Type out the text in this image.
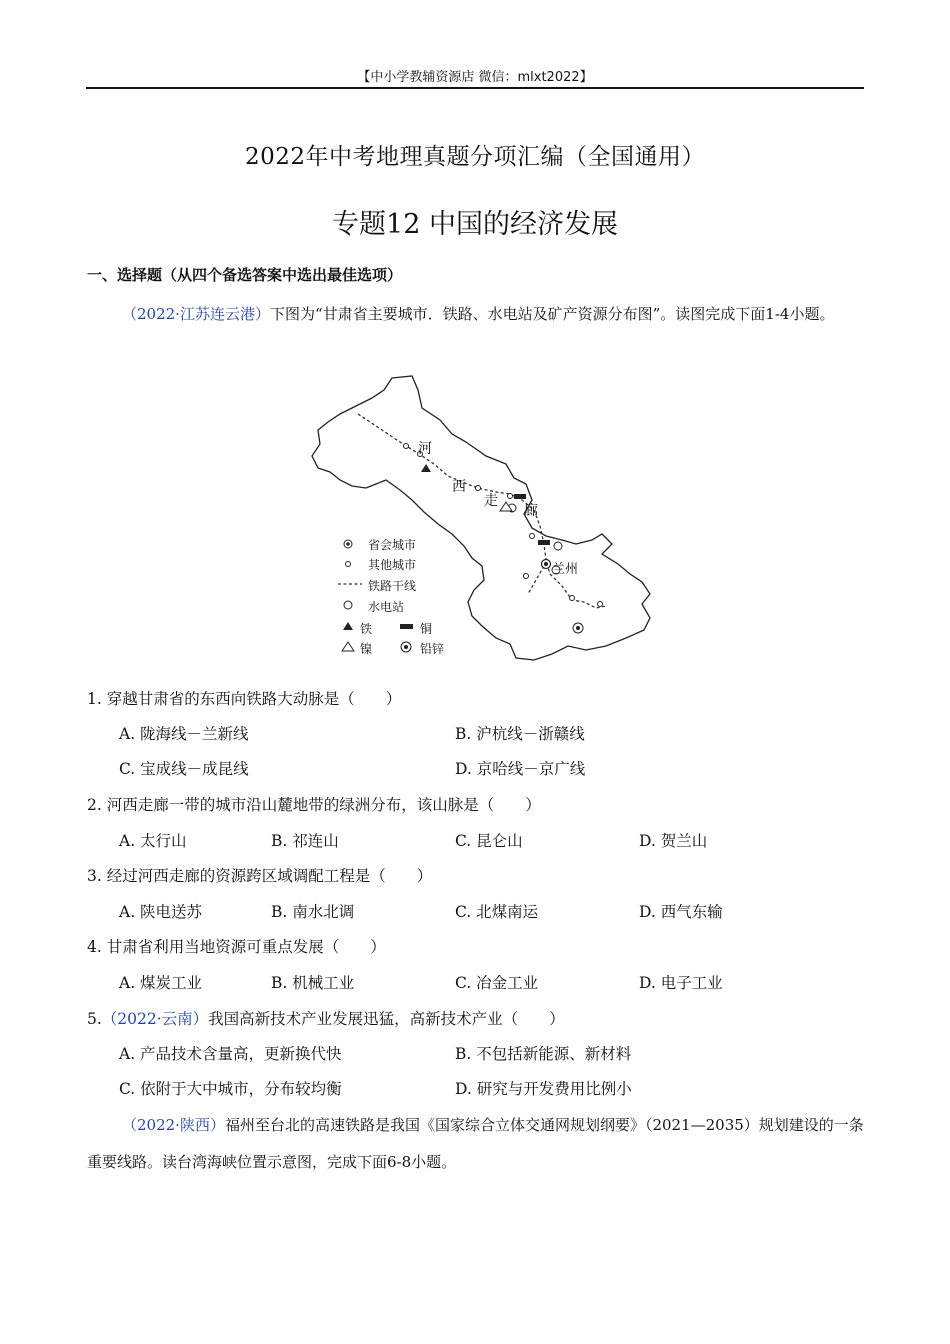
【中小学教辅资源店 微信：mlxt2022】
2022年中考地理真题分项汇编（全国通用）
专题12 中国的经济发展
一、选择题（从四个备选答案中选出最佳选项）
（2022·江苏连云港）下图为“甘肃省主要城市．铁路、水电站及矿产资源分布图”。读图完成下面1-4小题。
河
西
走
廊
兰州
省会城市
其他城市
铁路干线
水电站
铁	铜
镍	铅锌
1. 穿越甘肃省的东西向铁路大动脉是（　　）
A. 陇海线－兰新线	B. 沪杭线－浙赣线
C. 宝成线－成昆线	D. 京哈线－京广线
2. 河西走廊一带的城市沿山麓地带的绿洲分布，该山脉是（　　）
A. 太行山	B. 祁连山	C. 昆仑山	D. 贺兰山
3. 经过河西走廊的资源跨区域调配工程是（　　）
A. 陕电送苏	B. 南水北调	C. 北煤南运	D. 西气东输
4. 甘肃省利用当地资源可重点发展（　　）
A. 煤炭工业	B. 机械工业	C. 冶金工业	D. 电子工业
5.（2022·云南）我国高新技术产业发展迅猛，高新技术产业（　　）
A. 产品技术含量高，更新换代快	B. 不包括新能源、新材料
C. 依附于大中城市，分布较均衡	D. 研究与开发费用比例小
（2022·陕西）福州至台北的高速铁路是我国《国家综合立体交通网规划纲要》（2021—2035）规划建设的一条重要线路。读台湾海峡位置示意图，完成下面6-8小题。
